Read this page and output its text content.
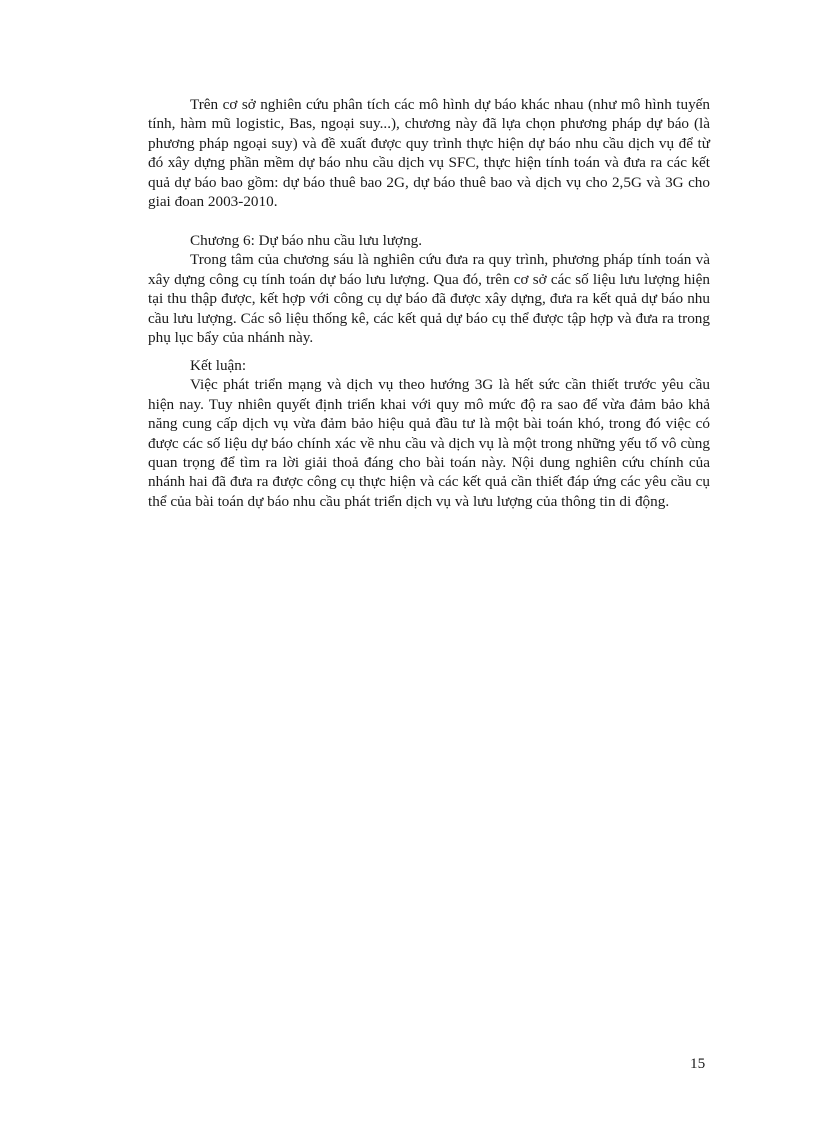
Trên cơ sở nghiên cứu phân tích các mô hình dự báo khác nhau (như mô hình tuyến tính, hàm mũ logistic, Bas, ngoại suy...), chương này đã lựa chọn phương pháp dự báo (là phương pháp ngoại suy) và đề xuất được quy trình thực hiện dự báo nhu cầu dịch vụ để từ đó xây dựng phần mềm dự báo nhu cầu dịch vụ SFC, thực hiện tính toán và đưa ra các kết quả dự báo bao gồm: dự báo thuê bao 2G, dự báo thuê bao và dịch vụ cho 2,5G và 3G cho giai đoan 2003-2010.

Chương 6: Dự báo nhu cầu lưu lượng.

Trong tâm của chương sáu là nghiên cứu đưa ra quy trình, phương pháp tính toán và xây dựng công cụ tính toán dự báo lưu lượng. Qua đó, trên cơ sở các số liệu lưu lượng hiện tại thu thập được, kết hợp với công cụ dự báo đã được xây dựng, đưa ra kết quả dự báo nhu cầu lưu lượng. Các sô liệu thống kê, các kết quả dự báo cụ thể được tập hợp và đưa ra trong phụ lục bẩy của nhánh này.

Kết luận:

Việc phát triển mạng và dịch vụ theo hướng 3G là hết sức cần thiết trước yêu cầu hiện nay. Tuy nhiên quyết định triển khai với quy mô mức độ ra sao để vừa đảm bảo khả năng cung cấp dịch vụ vừa đảm bảo hiệu quả đầu tư là một bài toán khó, trong đó việc có được các số liệu dự báo chính xác về nhu cầu và dịch vụ là một trong những yếu tố vô cùng quan trọng để tìm ra lời giải thoả đáng cho bài toán này. Nội dung nghiên cứu chính của nhánh hai đã đưa ra được công cụ thực hiện và các kết quả cần thiết đáp ứng các yêu cầu cụ thể của bài toán dự báo nhu cầu phát triển dịch vụ và lưu lượng của thông tin di động.

15
